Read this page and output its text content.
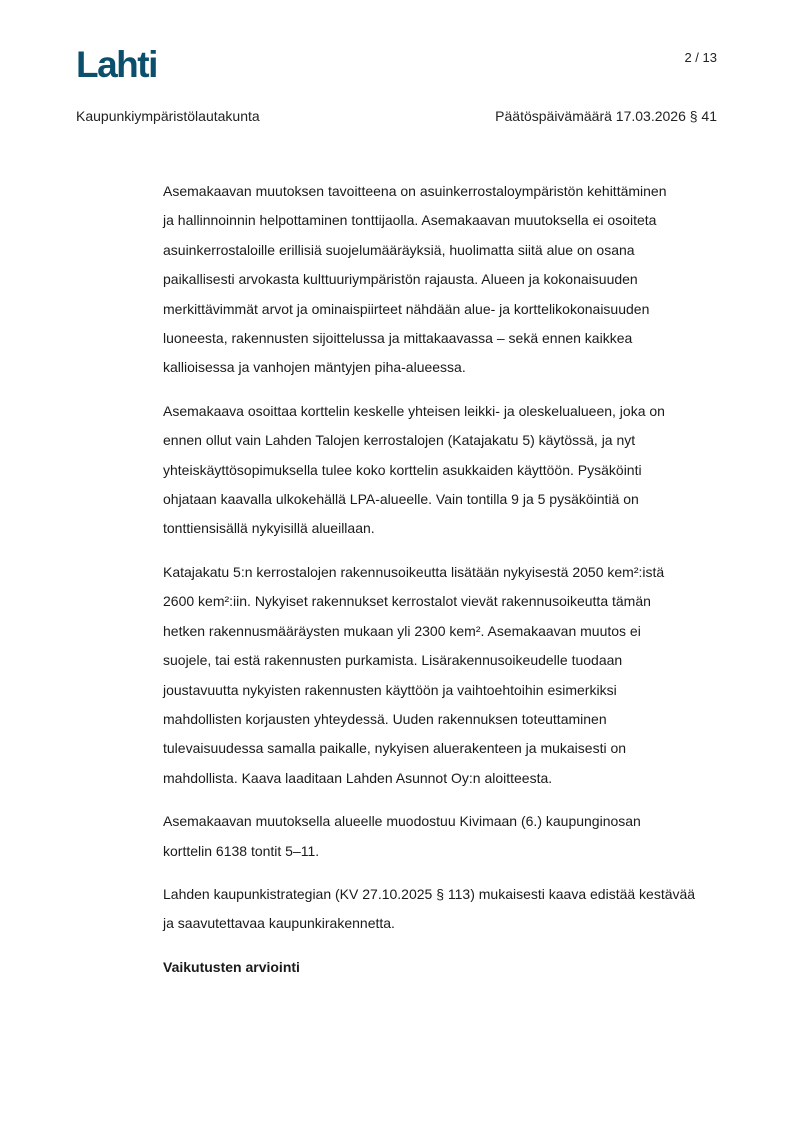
Lahti	2 / 13
Kaupunkiympäristölautakunta	Päätöspäivämäärä 17.03.2026 § 41

Asemakaavan muutoksen tavoitteena on asuinkerrostaloympäristön kehittäminen
ja hallinnoinnin helpottaminen tonttijaolla. Asemakaavan muutoksella ei osoiteta
asuinkerrostaloille erillisiä suojelumääräyksiä, huolimatta siitä alue on osana
paikallisesti arvokasta kulttuuriympäristön rajausta. Alueen ja kokonaisuuden
merkittävimmät arvot ja ominaispiirteet nähdään alue- ja korttelikokonaisuuden
luoneesta, rakennusten sijoittelussa ja mittakaavassa – sekä ennen kaikkea
kallioisessa ja vanhojen mäntyjen piha-alueessa.

Asemakaava osoittaa korttelin keskelle yhteisen leikki- ja oleskelualueen, joka on
ennen ollut vain Lahden Talojen kerrostalojen (Katajakatu 5) käytössä, ja nyt
yhteiskäyttösopimuksella tulee koko korttelin asukkaiden käyttöön. Pysäköinti
ohjataan kaavalla ulkokehällä LPA-alueelle. Vain tontilla 9 ja 5 pysäköintiä on
tonttiensisällä nykyisillä alueillaan.

Katajakatu 5:n kerrostalojen rakennusoikeutta lisätään nykyisestä 2050 kem²:istä
2600 kem²:iin. Nykyiset rakennukset kerrostalot vievät rakennusoikeutta tämän
hetken rakennusmääräysten mukaan yli 2300 kem². Asemakaavan muutos ei
suojele, tai estä rakennusten purkamista. Lisärakennusoikeudelle tuodaan
joustavuutta nykyisten rakennusten käyttöön ja vaihtoehtoihin esimerkiksi
mahdollisten korjausten yhteydessä. Uuden rakennuksen toteuttaminen
tulevaisuudessa samalla paikalle, nykyisen aluerakenteen ja mukaisesti on
mahdollista. Kaava laaditaan Lahden Asunnot Oy:n aloitteesta.

Asemakaavan muutoksella alueelle muodostuu Kivimaan (6.) kaupunginosan
korttelin 6138 tontit 5–11.

Lahden kaupunkistrategian (KV 27.10.2025 § 113) mukaisesti kaava edistää kestävää
ja saavutettavaa kaupunkirakennetta.

Vaikutusten arviointi
